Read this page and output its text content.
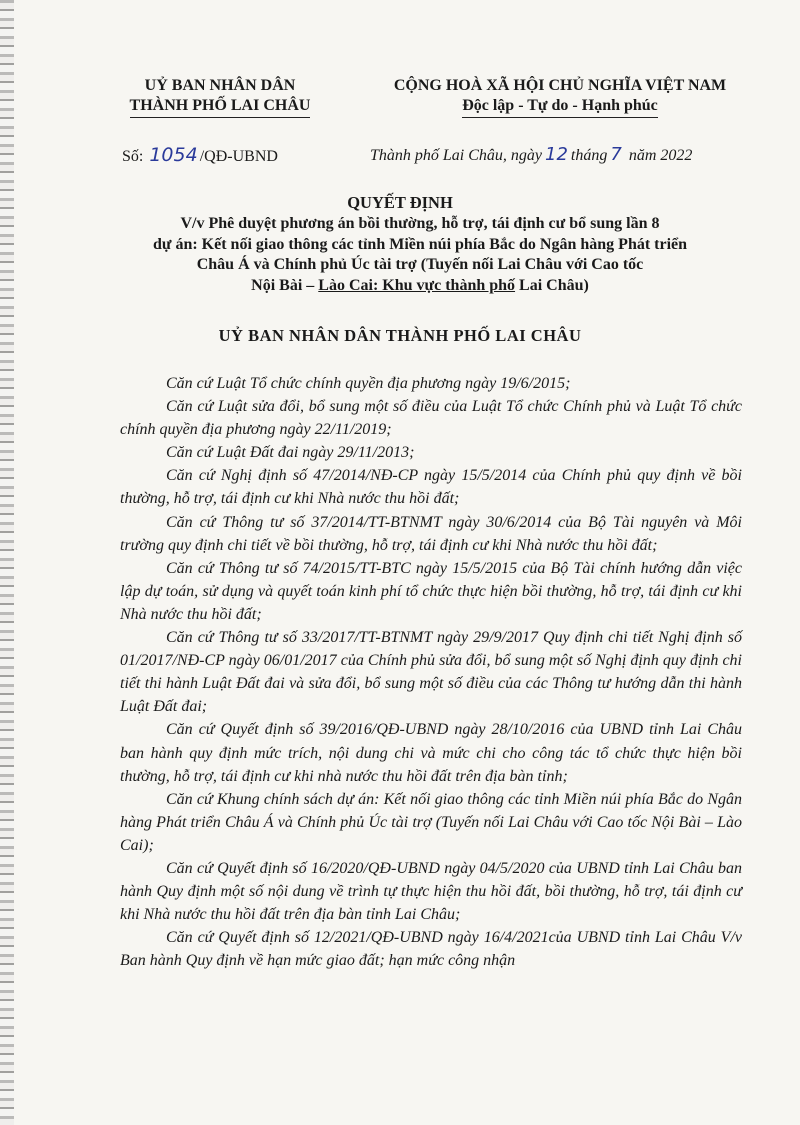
UỶ BAN NHÂN DÂN
THÀNH PHỐ LAI CHÂU
CỘNG HOÀ XÃ HỘI CHỦ NGHĨA VIỆT NAM
Độc lập - Tự do - Hạnh phúc
Số: 1054 /QĐ-UBND	Thành phố Lai Châu, ngày 12 tháng 7 năm 2022
QUYẾT ĐỊNH
V/v Phê duyệt phương án bồi thường, hỗ trợ, tái định cư bổ sung lần 8
dự án: Kết nối giao thông các tỉnh Miền núi phía Bắc do Ngân hàng Phát triển
Châu Á và Chính phủ Úc tài trợ (Tuyến nối Lai Châu với Cao tốc
Nội Bài – Lào Cai: Khu vực thành phố Lai Châu)
UỶ BAN NHÂN DÂN THÀNH PHỐ LAI CHÂU

Căn cứ Luật Tổ chức chính quyền địa phương ngày 19/6/2015;

Căn cứ Luật sửa đổi, bổ sung một số điều của Luật Tổ chức Chính phủ và Luật Tổ chức chính quyền địa phương ngày 22/11/2019;

Căn cứ Luật Đất đai ngày 29/11/2013;

Căn cứ Nghị định số 47/2014/NĐ-CP ngày 15/5/2014 của Chính phủ quy định về bồi thường, hỗ trợ, tái định cư khi Nhà nước thu hồi đất;

Căn cứ Thông tư số 37/2014/TT-BTNMT ngày 30/6/2014 của Bộ Tài nguyên và Môi trường quy định chi tiết về bồi thường, hỗ trợ, tái định cư khi Nhà nước thu hồi đất;

Căn cứ Thông tư số 74/2015/TT-BTC ngày 15/5/2015 của Bộ Tài chính hướng dẫn việc lập dự toán, sử dụng và quyết toán kinh phí tổ chức thực hiện bồi thường, hỗ trợ, tái định cư khi Nhà nước thu hồi đất;

Căn cứ Thông tư số 33/2017/TT-BTNMT ngày 29/9/2017 Quy định chi tiết Nghị định số 01/2017/NĐ-CP ngày 06/01/2017 của Chính phủ sửa đổi, bổ sung một số Nghị định quy định chi tiết thi hành Luật Đất đai và sửa đổi, bổ sung một số điều của các Thông tư hướng dẫn thi hành Luật Đất đai;

Căn cứ Quyết định số 39/2016/QĐ-UBND ngày 28/10/2016 của UBND tỉnh Lai Châu ban hành quy định mức trích, nội dung chi và mức chi cho công tác tổ chức thực hiện bồi thường, hỗ trợ, tái định cư khi nhà nước thu hồi đất trên địa bàn tỉnh;

Căn cứ Khung chính sách dự án: Kết nối giao thông các tỉnh Miền núi phía Bắc do Ngân hàng Phát triển Châu Á và Chính phủ Úc tài trợ (Tuyến nối Lai Châu với Cao tốc Nội Bài – Lào Cai);

Căn cứ Quyết định số 16/2020/QĐ-UBND ngày 04/5/2020 của UBND tỉnh Lai Châu ban hành Quy định một số nội dung về trình tự thực hiện thu hồi đất, bồi thường, hỗ trợ, tái định cư khi Nhà nước thu hồi đất trên địa bàn tỉnh Lai Châu;

Căn cứ Quyết định số 12/2021/QĐ-UBND ngày 16/4/2021của UBND tỉnh Lai Châu V/v Ban hành Quy định về hạn mức giao đất; hạn mức công nhận
